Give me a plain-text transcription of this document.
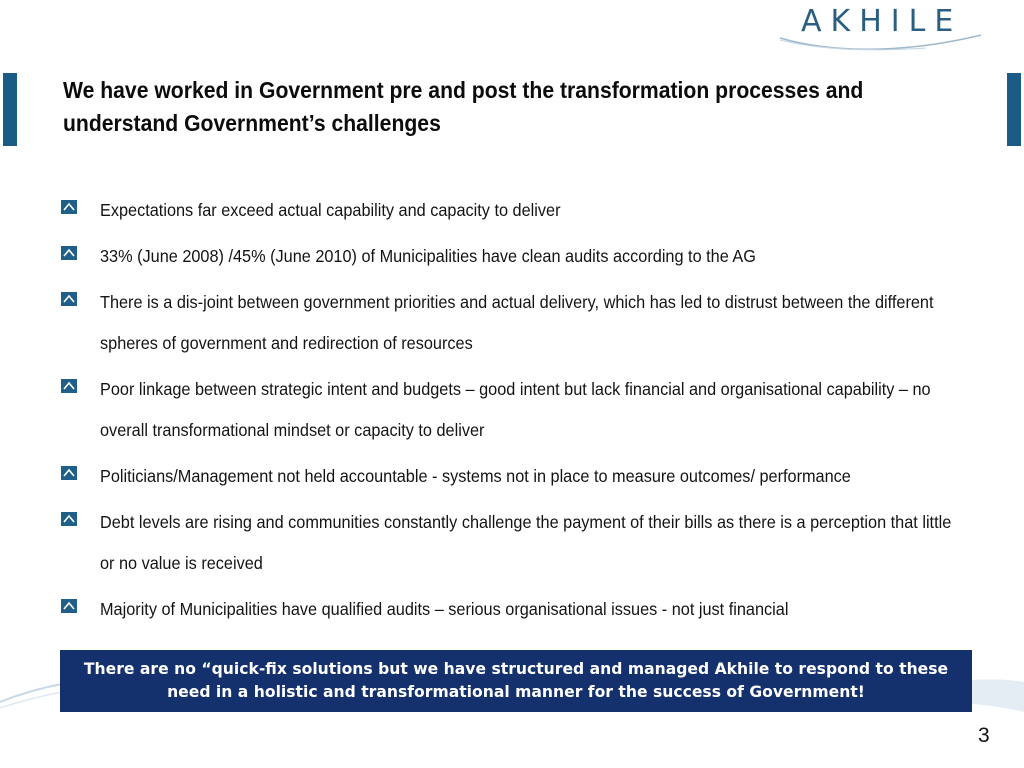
AKHILE
We have worked in Government pre and post the transformation processes and understand Government’s challenges
Expectations far exceed actual capability and capacity to deliver
33% (June 2008) /45% (June 2010) of Municipalities have clean audits according to the AG
There is a dis-joint between government priorities and actual delivery, which has led to distrust between the different spheres of government and redirection of resources
Poor linkage between strategic intent and budgets – good intent but lack financial and organisational capability – no overall transformational mindset or capacity to deliver
Politicians/Management not held accountable - systems not in place to measure outcomes/ performance
Debt levels are rising and communities constantly challenge the payment of their bills as there is a perception that little or no value is received
Majority of Municipalities have qualified audits – serious organisational issues - not just financial
There are no “quick-fix solutions but we have structured and managed Akhile to respond to these need in a holistic and transformational manner for the success of Government!
3
